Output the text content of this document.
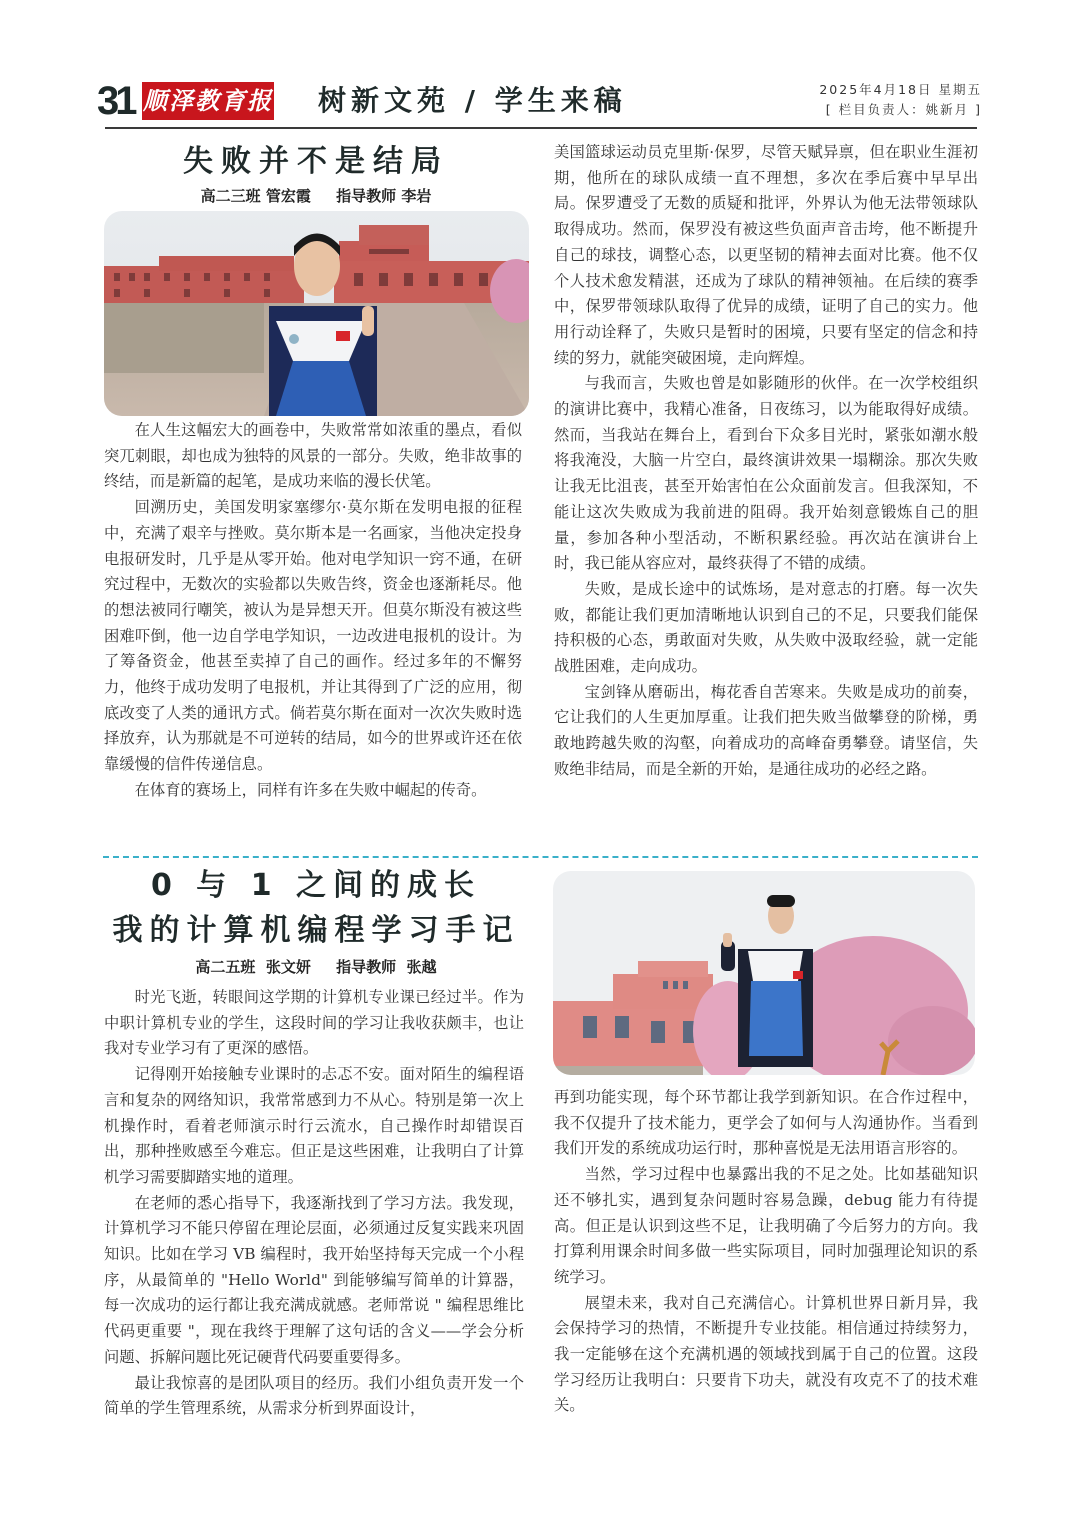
31 顺泽教育报 树新文苑 / 学生来稿	2025年4月18日 星期五
[ 栏目负责人：姚新月 ]
失败并不是结局
高二三班 管宏霞 指导教师 李岩

在人生这幅宏大的画卷中，失败常常如浓重的墨点，看似突兀刺眼，却也成为独特的风景的一部分。失败，绝非故事的终结，而是新篇的起笔，是成功来临的漫长伏笔。

回溯历史，美国发明家塞缪尔·莫尔斯在发明电报的征程中，充满了艰辛与挫败。莫尔斯本是一名画家，当他决定投身电报研发时，几乎是从零开始。他对电学知识一窍不通，在研究过程中，无数次的实验都以失败告终，资金也逐渐耗尽。他的想法被同行嘲笑，被认为是异想天开。但莫尔斯没有被这些困难吓倒，他一边自学电学知识，一边改进电报机的设计。为了筹备资金，他甚至卖掉了自己的画作。经过多年的不懈努力，他终于成功发明了电报机，并让其得到了广泛的应用，彻底改变了人类的通讯方式。倘若莫尔斯在面对一次次失败时选择放弃，认为那就是不可逆转的结局，如今的世界或许还在依靠缓慢的信件传递信息。

在体育的赛场上，同样有许多在失败中崛起的传奇。

美国篮球运动员克里斯·保罗，尽管天赋异禀，但在职业生涯初期，他所在的球队成绩一直不理想，多次在季后赛中早早出局。保罗遭受了无数的质疑和批评，外界认为他无法带领球队取得成功。然而，保罗没有被这些负面声音击垮，他不断提升自己的球技，调整心态，以更坚韧的精神去面对比赛。他不仅个人技术愈发精湛，还成为了球队的精神领袖。在后续的赛季中，保罗带领球队取得了优异的成绩，证明了自己的实力。他用行动诠释了，失败只是暂时的困境，只要有坚定的信念和持续的努力，就能突破困境，走向辉煌。

与我而言，失败也曾是如影随形的伙伴。在一次学校组织的演讲比赛中，我精心准备，日夜练习，以为能取得好成绩。然而，当我站在舞台上，看到台下众多目光时，紧张如潮水般将我淹没，大脑一片空白，最终演讲效果一塌糊涂。那次失败让我无比沮丧，甚至开始害怕在公众面前发言。但我深知，不能让这次失败成为我前进的阻碍。我开始刻意锻炼自己的胆量，参加各种小型活动，不断积累经验。再次站在演讲台上时，我已能从容应对，最终获得了不错的成绩。

失败，是成长途中的试炼场，是对意志的打磨。每一次失败，都能让我们更加清晰地认识到自己的不足，只要我们能保持积极的心态，勇敢面对失败，从失败中汲取经验，就一定能战胜困难，走向成功。

宝剑锋从磨砺出，梅花香自苦寒来。失败是成功的前奏，它让我们的人生更加厚重。让我们把失败当做攀登的阶梯，勇敢地跨越失败的沟壑，向着成功的高峰奋勇攀登。请坚信，失败绝非结局，而是全新的开始，是通往成功的必经之路。

0 与 1 之间的成长
我的计算机编程学习手记
高二五班  张文妍 指导教师  张越

时光飞逝，转眼间这学期的计算机专业课已经过半。作为中职计算机专业的学生，这段时间的学习让我收获颇丰，也让我对专业学习有了更深的感悟。

记得刚开始接触专业课时的忐忑不安。面对陌生的编程语言和复杂的网络知识，我常常感到力不从心。特别是第一次上机操作时，看着老师演示时行云流水，自己操作时却错误百出，那种挫败感至今难忘。但正是这些困难，让我明白了计算机学习需要脚踏实地的道理。

在老师的悉心指导下，我逐渐找到了学习方法。我发现，计算机学习不能只停留在理论层面，必须通过反复实践来巩固知识。比如在学习 VB 编程时，我开始坚持每天完成一个小程序，从最简单的 "Hello World" 到能够编写简单的计算器，每一次成功的运行都让我充满成就感。老师常说 " 编程思维比代码更重要 "，现在我终于理解了这句话的含义——学会分析问题、拆解问题比死记硬背代码要重要得多。

最让我惊喜的是团队项目的经历。我们小组负责开发一个简单的学生管理系统，从需求分析到界面设计，

再到功能实现，每个环节都让我学到新知识。在合作过程中，我不仅提升了技术能力，更学会了如何与人沟通协作。当看到我们开发的系统成功运行时，那种喜悦是无法用语言形容的。

当然，学习过程中也暴露出我的不足之处。比如基础知识还不够扎实，遇到复杂问题时容易急躁，debug 能力有待提高。但正是认识到这些不足，让我明确了今后努力的方向。我打算利用课余时间多做一些实际项目，同时加强理论知识的系统学习。

展望未来，我对自己充满信心。计算机世界日新月异，我会保持学习的热情，不断提升专业技能。相信通过持续努力，我一定能够在这个充满机遇的领域找到属于自己的位置。这段学习经历让我明白：只要肯下功夫，就没有攻克不了的技术难关。
